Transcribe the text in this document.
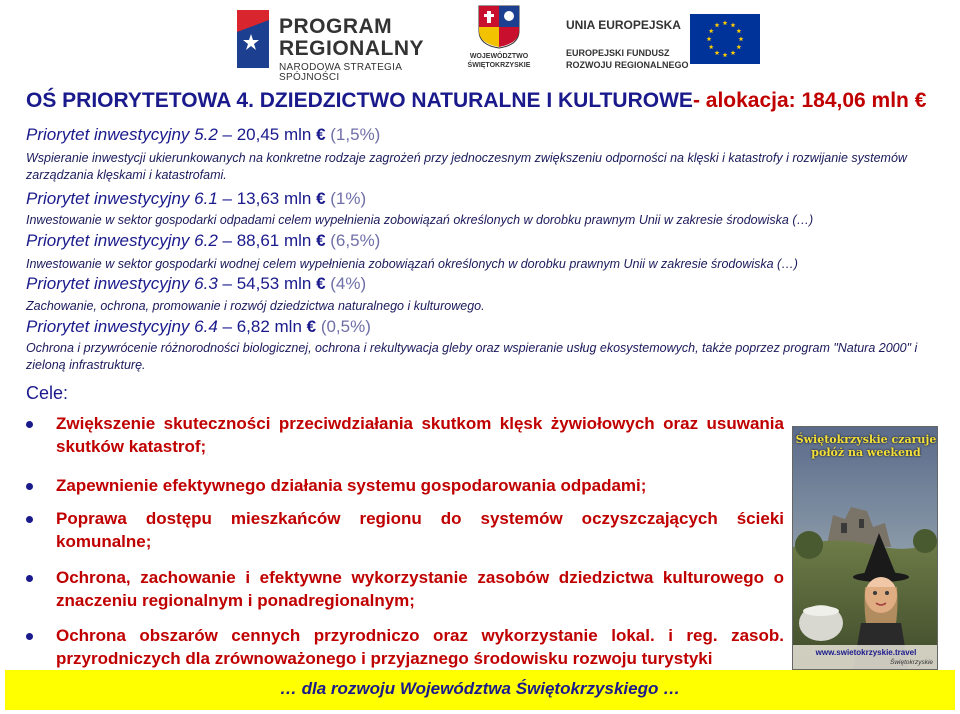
PROGRAM
REGIONALNY
NARODOWA STRATEGIA SPÓJNOŚCI
WOJEWÓDZTWO
ŚWIĘTOKRZYSKIE
UNIA EUROPEJSKA
EUROPEJSKI FUNDUSZ
ROZWOJU REGIONALNEGO
OŚ PRIORYTETOWA 4. DZIEDZICTWO NATURALNE I KULTUROWE- alokacja: 184,06 mln €
Priorytet inwestycyjny 5.2 – 20,45 mln € (1,5%)
Wspieranie inwestycji ukierunkowanych na konkretne rodzaje zagrożeń przy jednoczesnym zwiększeniu odporności na klęski i katastrofy i rozwijanie systemów zarządzania klęskami i katastrofami.
Priorytet inwestycyjny 6.1 – 13,63 mln € (1%)
Inwestowanie w sektor gospodarki odpadami celem wypełnienia zobowiązań określonych w dorobku prawnym Unii w zakresie środowiska (…)
Priorytet inwestycyjny 6.2 – 88,61 mln € (6,5%)
Inwestowanie w sektor gospodarki wodnej celem wypełnienia zobowiązań określonych w dorobku prawnym Unii w zakresie środowiska (…)
Priorytet inwestycyjny 6.3 – 54,53 mln € (4%)
Zachowanie, ochrona, promowanie i rozwój dziedzictwa naturalnego i kulturowego.
Priorytet inwestycyjny 6.4 – 6,82 mln € (0,5%)
Ochrona i przywrócenie różnorodności biologicznej, ochrona i rekultywacja gleby oraz wspieranie usług ekosystemowych, także poprzez program "Natura 2000" i zieloną infrastrukturę.
Cele:
Zwiększenie skuteczności przeciwdziałania skutkom klęsk żywiołowych oraz usuwania skutków katastrof;
Zapewnienie efektywnego działania systemu gospodarowania odpadami;
Poprawa dostępu mieszkańców regionu do systemów oczyszczających ścieki komunalne;
Ochrona, zachowanie i efektywne wykorzystanie zasobów dziedzictwa kulturowego o znaczeniu regionalnym i ponadregionalnym;
Ochrona obszarów cennych przyrodniczo oraz wykorzystanie lokal. i reg. zasob. przyrodniczych dla zrównoważonego i przyjaznego środowisku rozwoju turystyki
Świętokrzyskie czaruje
połóż na weekend
www.swietokrzyskie.travel
Świętokrzyskie
… dla rozwoju Województwa Świętokrzyskiego …
